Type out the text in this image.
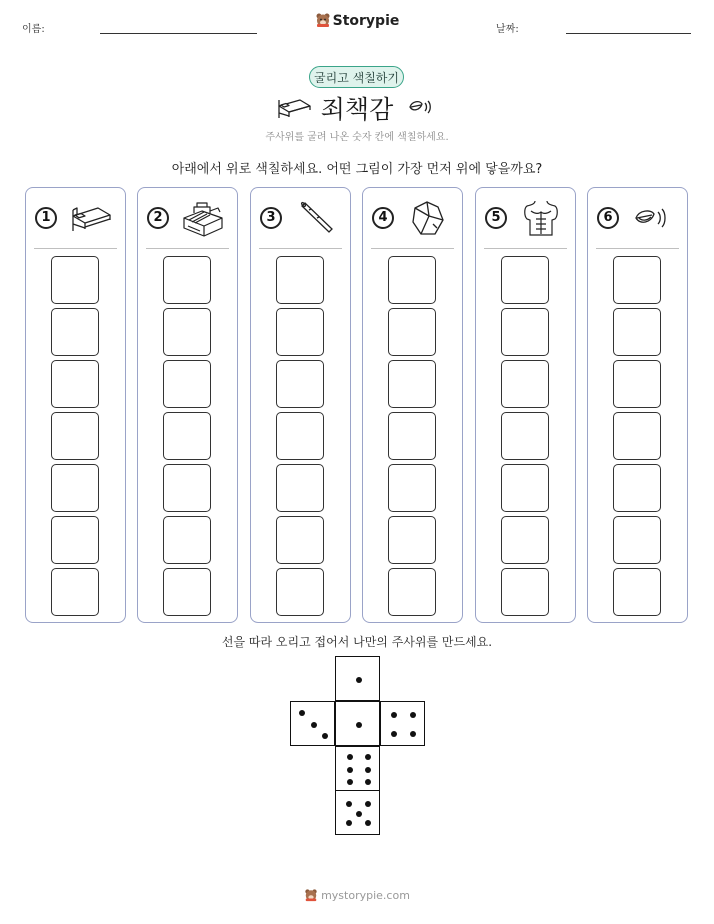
이름:
Storypie
날짜:
굴리고 색칠하기
죄책감
주사위를 굴려 나온 숫자 칸에 색칠하세요.
아래에서 위로 색칠하세요. 어떤 그림이 가장 먼저 위에 닿을까요?
1	2	3	4	5	6
선을 따라 오리고 접어서 나만의 주사위를 만드세요.
mystorypie.com
